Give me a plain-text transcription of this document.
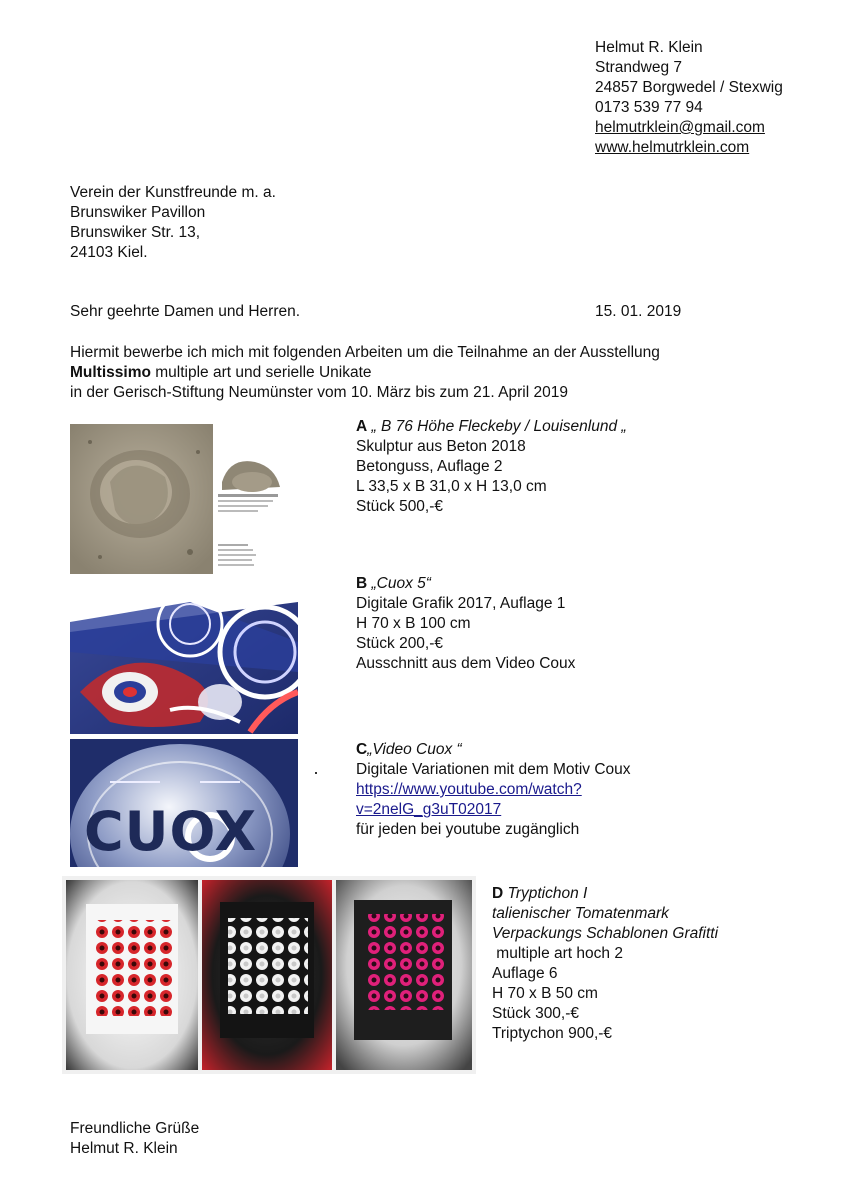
Helmut R. Klein
Strandweg 7
24857 Borgwedel / Stexwig
0173 539 77 94
helmutrklein@gmail.com
www.helmutrklein.com
Verein der Kunstfreunde m. a.
Brunswiker Pavillon
Brunswiker Str. 13,
24103 Kiel.
Sehr geehrte Damen und Herren.	15. 01. 2019
Hiermit bewerbe ich mich mit folgenden Arbeiten um die Teilnahme an der Ausstellung
Multissimo multiple art und serielle Unikate
in der Gerisch-Stiftung Neumünster vom 10. März bis zum 21. April 2019
A „ B 76 Höhe Fleckeby / Louisenlund „
Skulptur aus Beton 2018
Betonguss, Auflage 2
L 33,5 x B 31,0 x H 13,0 cm
Stück 500,-€
B „Cuox 5“
Digitale Grafik 2017, Auflage 1
H 70 x B 100 cm
Stück 200,-€
Ausschnitt aus dem Video Coux
CUOX
C„Video Cuox “
Digitale Variationen mit dem Motiv Coux
https://www.youtube.com/watch?
v=2nelG_g3uT02017
für jeden bei youtube zugänglich
D Tryptichon I
talienischer Tomatenmark
Verpackungs Schablonen Grafitti
multiple art hoch 2
Auflage 6
H 70 x B 50 cm
Stück 300,-€
Triptychon 900,-€
Freundliche Grüße
Helmut R. Klein
